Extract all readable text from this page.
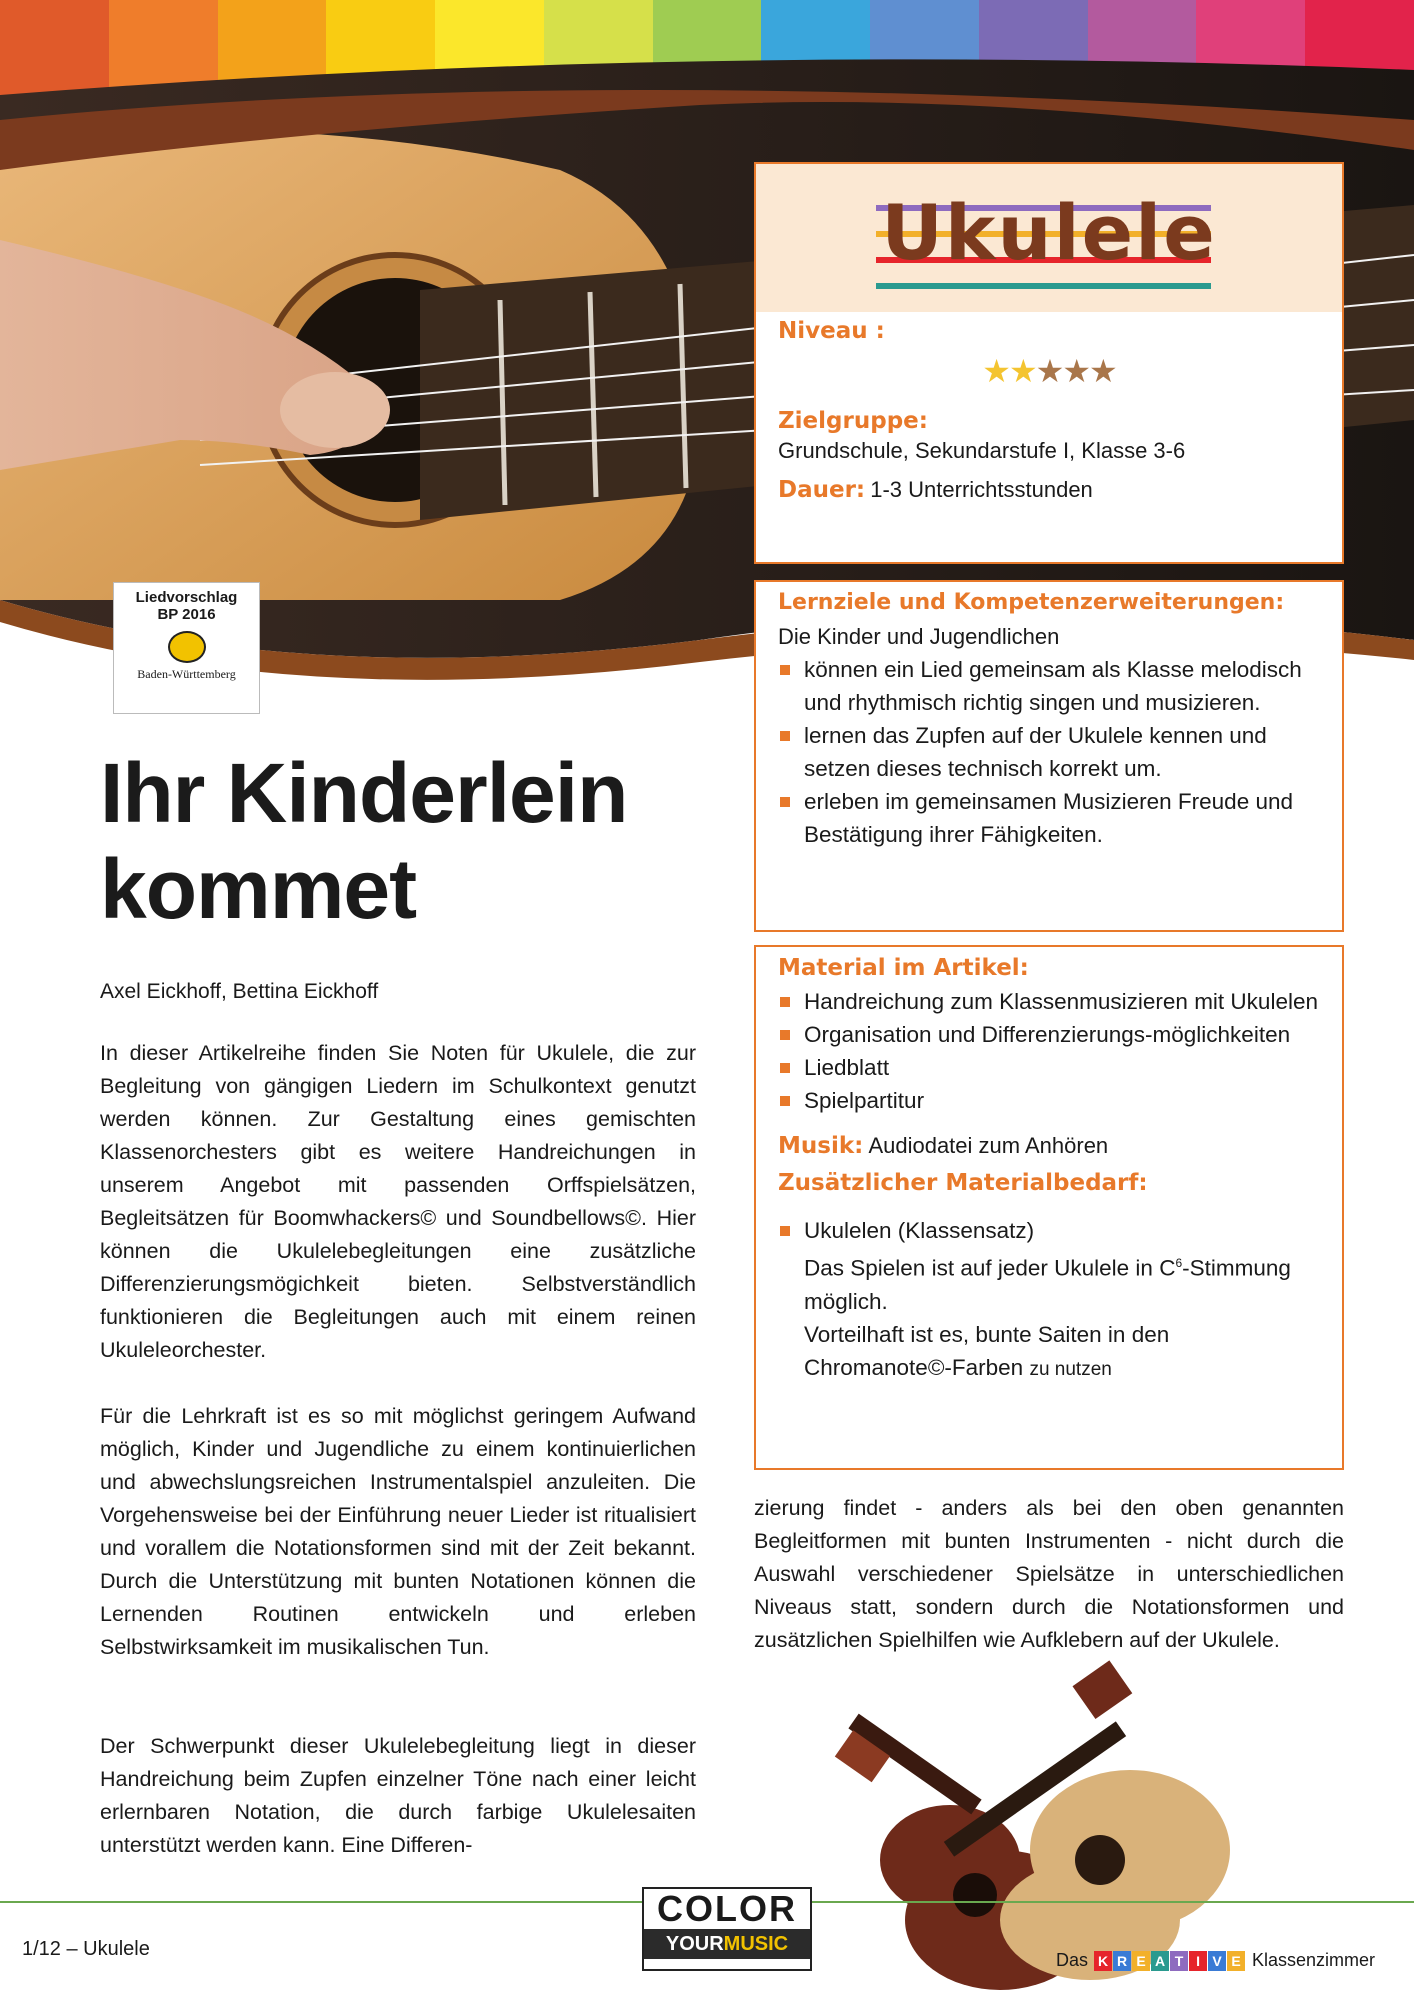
Liedvorschlag
BP 2016
Baden-Württemberg
Ihr Kinderlein
kommet
Axel Eickhoff, Bettina Eickhoff

In dieser Artikelreihe finden Sie Noten für Ukulele, die zur Begleitung von gängigen Liedern im Schulkontext genutzt werden können. Zur Gestaltung eines gemischten Klassenorchesters gibt es weitere Handreichungen in unserem Angebot mit passenden Orffspielsätzen, Begleitsätzen für Boomwhackers© und Soundbellows©. Hier können die Ukulelebegleitungen eine zusätzliche Differenzierungsmögichkeit bieten. Selbstverständlich funktionieren die Begleitungen auch mit einem reinen Ukuleleorchester.

Für die Lehrkraft ist es so mit möglichst geringem Aufwand möglich, Kinder und Jugendliche zu einem kontinuierlichen und abwechslungsreichen Instrumentalspiel anzuleiten. Die Vorgehensweise bei der Einführung neuer Lieder ist ritualisiert und vorallem die Notationsformen sind mit der Zeit bekannt. Durch die Unterstützung mit bunten Notationen können die Lernenden Routinen entwickeln und erleben Selbstwirksamkeit im musikalischen Tun.

Der Schwerpunkt dieser Ukulelebegleitung liegt in dieser Handreichung beim Zupfen einzelner Töne nach einer leicht erlernbaren Notation, die durch farbige Ukulelesaiten unterstützt werden kann. Eine Differen-

zierung findet - anders als bei den oben genannten Begleitformen mit bunten Instrumenten - nicht durch die Auswahl verschiedener Spielsätze in unterschiedlichen Niveaus statt, sondern durch die Notationsformen und zusätzlichen Spielhilfen wie Aufklebern auf der Ukulele.

Ukulele
Niveau :
★★★★★
Zielgruppe:
Grundschule, Sekundarstufe I, Klasse 3-6
Dauer: 1-3 Unterrichtsstunden
Lernziele und Kompetenzerweiterungen:
Die Kinder und Jugendlichen
können ein Lied gemeinsam als Klasse melodisch und rhythmisch richtig singen und musizieren.
lernen das Zupfen auf der Ukulele kennen und setzen dieses technisch korrekt um.
erleben im gemeinsamen Musizieren Freude und Bestätigung ihrer Fähigkeiten.
Material im Artikel:
Handreichung zum Klassenmusizieren mit Ukulelen
Organisation und Differenzierungs-möglichkeiten
Liedblatt
Spielpartitur
Musik: Audiodatei zum Anhören
Zusätzlicher Materialbedarf:
Ukulelen (Klassensatz)
Das Spielen ist auf jeder Ukulele in $C^6$-Stimmung möglich.
Vorteilhaft ist es, bunte Saiten in den Chromanote©-Farben zu nutzen
1/12 – Ukulele
COLOR
YOURMUSIC
Das K R E A T I V E Klassenzimmer
